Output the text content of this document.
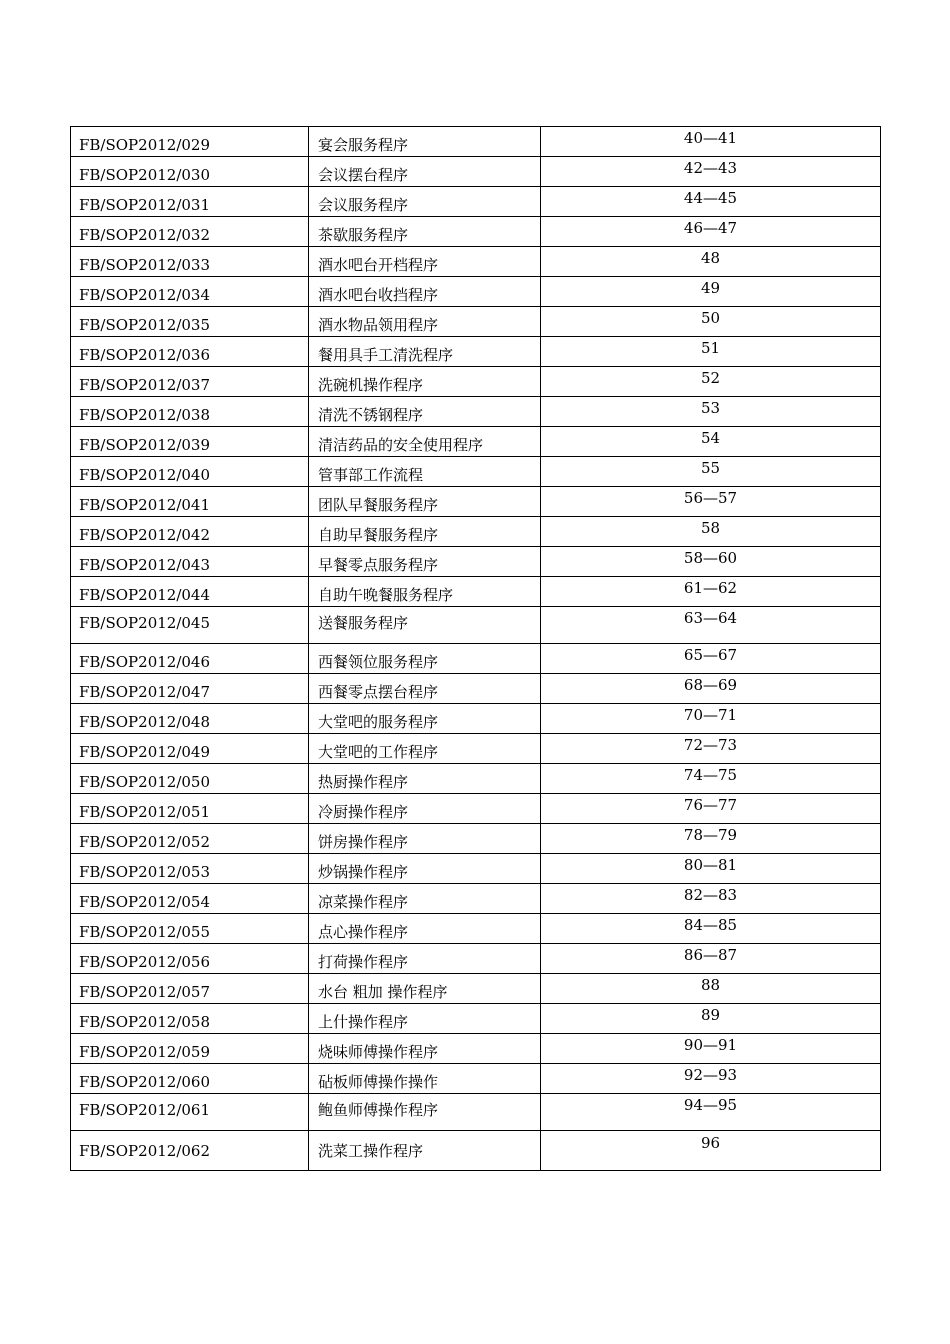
FB/SOP2012/029	宴会服务程序	40—41
FB/SOP2012/030	会议摆台程序	42—43
FB/SOP2012/031	会议服务程序	44—45
FB/SOP2012/032	茶歇服务程序	46—47
FB/SOP2012/033	酒水吧台开档程序	48
FB/SOP2012/034	酒水吧台收挡程序	49
FB/SOP2012/035	酒水物品领用程序	50
FB/SOP2012/036	餐用具手工清洗程序	51
FB/SOP2012/037	洗碗机操作程序	52
FB/SOP2012/038	清洗不锈钢程序	53
FB/SOP2012/039	清洁药品的安全使用程序	54
FB/SOP2012/040	管事部工作流程	55
FB/SOP2012/041	团队早餐服务程序	56—57
FB/SOP2012/042	自助早餐服务程序	58
FB/SOP2012/043	早餐零点服务程序	58—60
FB/SOP2012/044	自助午晚餐服务程序	61—62
FB/SOP2012/045	送餐服务程序	63—64
FB/SOP2012/046	西餐领位服务程序	65—67
FB/SOP2012/047	西餐零点摆台程序	68—69
FB/SOP2012/048	大堂吧的服务程序	70—71
FB/SOP2012/049	大堂吧的工作程序	72—73
FB/SOP2012/050	热厨操作程序	74—75
FB/SOP2012/051	冷厨操作程序	76—77
FB/SOP2012/052	饼房操作程序	78—79
FB/SOP2012/053	炒锅操作程序	80—81
FB/SOP2012/054	凉菜操作程序	82—83
FB/SOP2012/055	点心操作程序	84—85
FB/SOP2012/056	打荷操作程序	86—87
FB/SOP2012/057	水台 粗加 操作程序	88
FB/SOP2012/058	上什操作程序	89
FB/SOP2012/059	烧味师傅操作程序	90—91
FB/SOP2012/060	砧板师傅操作操作	92—93
FB/SOP2012/061	鲍鱼师傅操作程序	94—95
FB/SOP2012/062	洗菜工操作程序	96
